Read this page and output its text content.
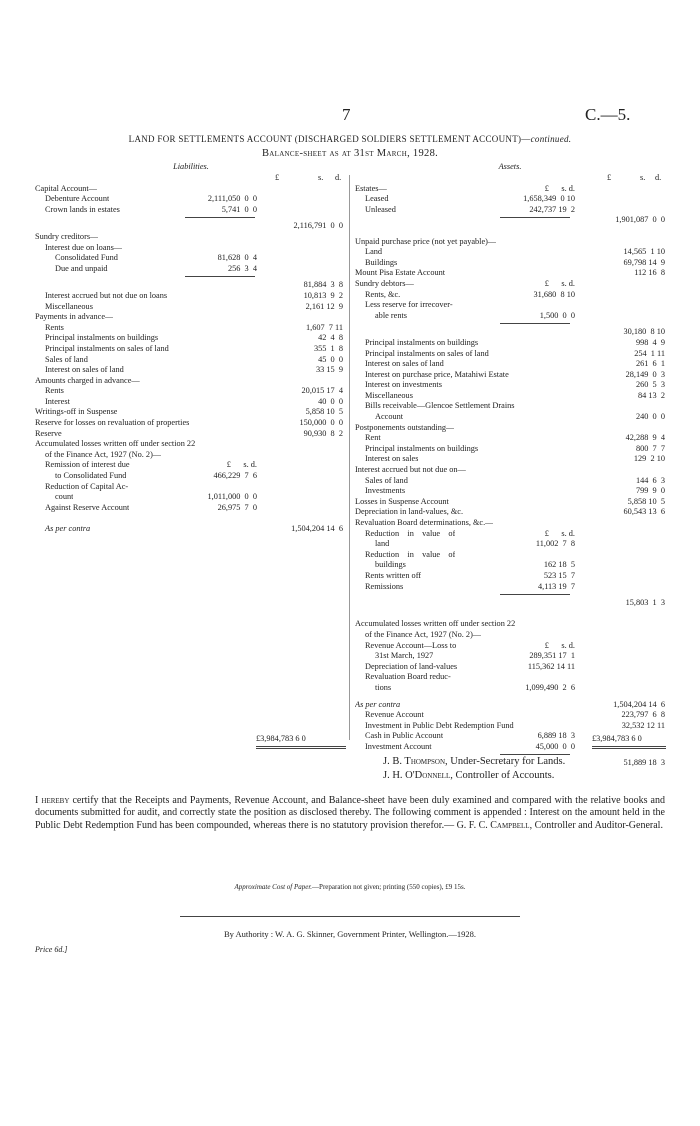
7	C.—5.
LAND FOR SETTLEMENTS ACCOUNT (DISCHARGED SOLDIERS SETTLEMENT ACCOUNT)—continued.
Balance-sheet as at 31st March, 1928.
Liabilities.
£	s. d.
Capital Account—
Debenture Account	2,111,050  0  0
Crown lands in estates	5,741  0  0
2,116,791  0  0
Sundry creditors—
Interest due on loans—
Consolidated Fund	81,628  0  4
Due and unpaid	256  3  4
81,884  3  8
Interest accrued but not due on loans	10,813  9  2
Miscellaneous	2,161 12  9
Payments in advance—
Rents	1,607  7 11
Principal instalments on buildings	42  4  8
Principal instalments on sales of land	355  1  8
Sales of land	45  0  0
Interest on sales of land	33 15  9
Amounts charged in advance—
Rents	20,015 17  4
Interest	40  0  0
Writings-off in Suspense	5,858 10  5
Reserve for losses on revaluation of properties	150,000  0  0
Reserve	90,930  8  2
Accumulated losses written off under section 22
of the Finance Act, 1927 (No. 2)—
Remission of interest due	£      s. d.
to Consolidated Fund	466,229  7  6
Reduction of Capital Ac-
count	1,011,000  0  0
Against Reserve Account	26,975  7  0
As per contra	1,504,204 14  6
Assets.
£	s. d.
Estates—	£      s. d.
Leased	1,658,349  0 10
Unleased	242,737 19  2
1,901,087  0  0
Unpaid purchase price (not yet payable)—
Land	14,565  1 10
Buildings	69,798 14  9
Mount Pisa Estate Account	112 16  8
Sundry debtors—	£      s. d.
Rents, &c.	31,680  8 10
Less reserve for irrecover-
able rents	1,500  0  0
30,180  8 10
Principal instalments on buildings	998  4  9
Principal instalments on sales of land	254  1 11
Interest on sales of land	261  6  1
Interest on purchase price, Matahiwi Estate	28,149  0  3
Interest on investments	260  5  3
Miscellaneous	84 13  2
Bills receivable—Glencoe Settlement Drains
Account	240  0  0
Postponements outstanding—
Rent	42,288  9  4
Principal instalments on buildings	800  7  7
Interest on sales	129  2 10
Interest accrued but not due on—
Sales of land	144  6  3
Investments	799  9  0
Losses in Suspense Account	5,858 10  5
Depreciation in land-values, &c.	60,543 13  6
Revaluation Board determinations, &c.—
Reduction    in    value    of	£      s. d.
land	11,002  7  8
Reduction    in    value    of
buildings	162 18  5
Rents written off	523 15  7
Remissions	4,113 19  7
15,803  1  3
Accumulated losses written off under section 22
of the Finance Act, 1927 (No. 2)—
Revenue Account—Loss to	£      s. d.
31st March, 1927	289,351 17  1
Depreciation of land-values	115,362 14 11
Revaluation Board reduc-
tions	1,099,490  2  6
As per contra	1,504,204 14  6
Revenue Account	223,797  6  8
Investment in Public Debt Redemption Fund	32,532 12 11
Cash in Public Account	6,889 18  3
Investment Account	45,000  0  0
51,889 18  3
£3,984,783 6 0	£3,984,783 6 0
J. B. Thompson, Under-Secretary for Lands.
J. H. O'Donnell, Controller of Accounts.
I hereby certify that the Receipts and Payments, Revenue Account, and Balance-sheet have been duly examined and compared with the relative books and documents submitted for audit, and correctly state the position as disclosed thereby. The following comment is appended : Interest on the amount held in the Public Debt Redemption Fund has been compounded, whereas there is no statutory provision therefor.— G. F. C. Campbell, Controller and Auditor-General.
Approximate Cost of Paper.—Preparation not given; printing (550 copies), £9 15s.
By Authority : W. A. G. Skinner, Government Printer, Wellington.—1928.
Price 6d.]
